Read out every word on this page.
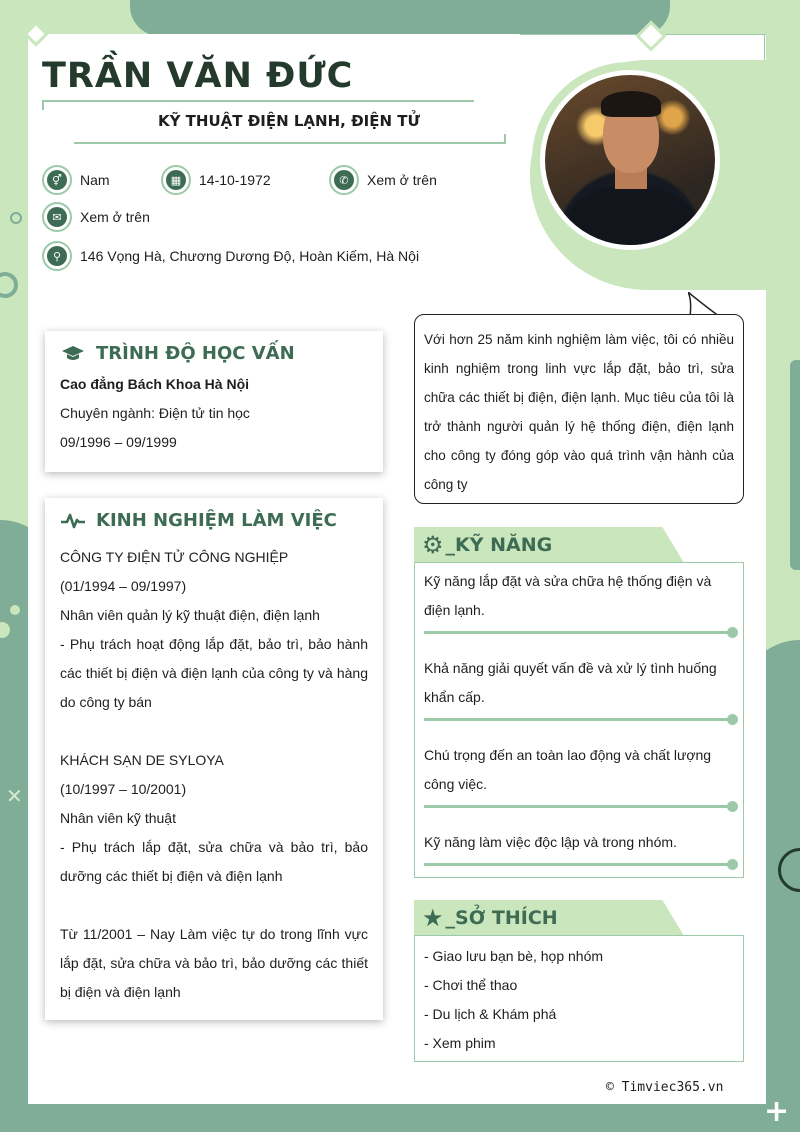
✕
+
TRẦN VĂN ĐỨC
KỸ THUẬT ĐIỆN LẠNH, ĐIỆN TỬ
⚥	Nam	▦	14-10-1972	✆	Xem ở trên
✉	Xem ở trên
⚲	146 Vọng Hà, Chương Dương Độ, Hoàn Kiếm, Hà Nội
TRÌNH ĐỘ HỌC VẤN
Cao đẳng Bách Khoa Hà Nội
Chuyên ngành: Điện tử tin học
09/1996 – 09/1999
KINH NGHIỆM LÀM VIỆC
CÔNG TY ĐIỆN TỬ CÔNG NGHIỆP
(01/1994 – 09/1997)
Nhân viên quản lý kỹ thuật điện, điện lạnh
- Phụ trách hoạt động lắp đặt, bảo trì, bảo hành các thiết bị điện và điện lạnh của công ty và hàng do công ty bán
KHÁCH SẠN DE SYLOYA
(10/1997 – 10/2001)
Nhân viên kỹ thuật
- Phụ trách lắp đặt, sửa chữa và bảo trì, bảo dưỡng các thiết bị điện và điện lạnh
Từ 11/2001 – Nay Làm việc tự do trong lĩnh vực lắp đặt, sửa chữa và bảo trì, bảo dưỡng các thiết bị điện và điện lạnh
Với hơn 25 năm kinh nghiệm làm việc, tôi có nhiều kinh nghiệm trong linh vực lắp đặt, bảo trì, sửa chữa các thiết bị điện, điện lạnh. Mục tiêu của tôi là trở thành người quản lý hệ thống điện, điện lạnh cho công ty đóng góp vào quá trình vận hành của công ty
⚙ _KỸ NĂNG
Kỹ năng lắp đặt và sửa chữa hệ thống điện và điện lạnh.
Khả năng giải quyết vấn đề và xử lý tình huống khẩn cấp.
Chú trọng đến an toàn lao động và chất lượng công việc.
Kỹ năng làm việc độc lập và trong nhóm.
★ _SỞ THÍCH
- Giao lưu bạn bè, họp nhóm
- Chơi thể thao
- Du lịch & Khám phá
- Xem phim
© Timviec365.vn
